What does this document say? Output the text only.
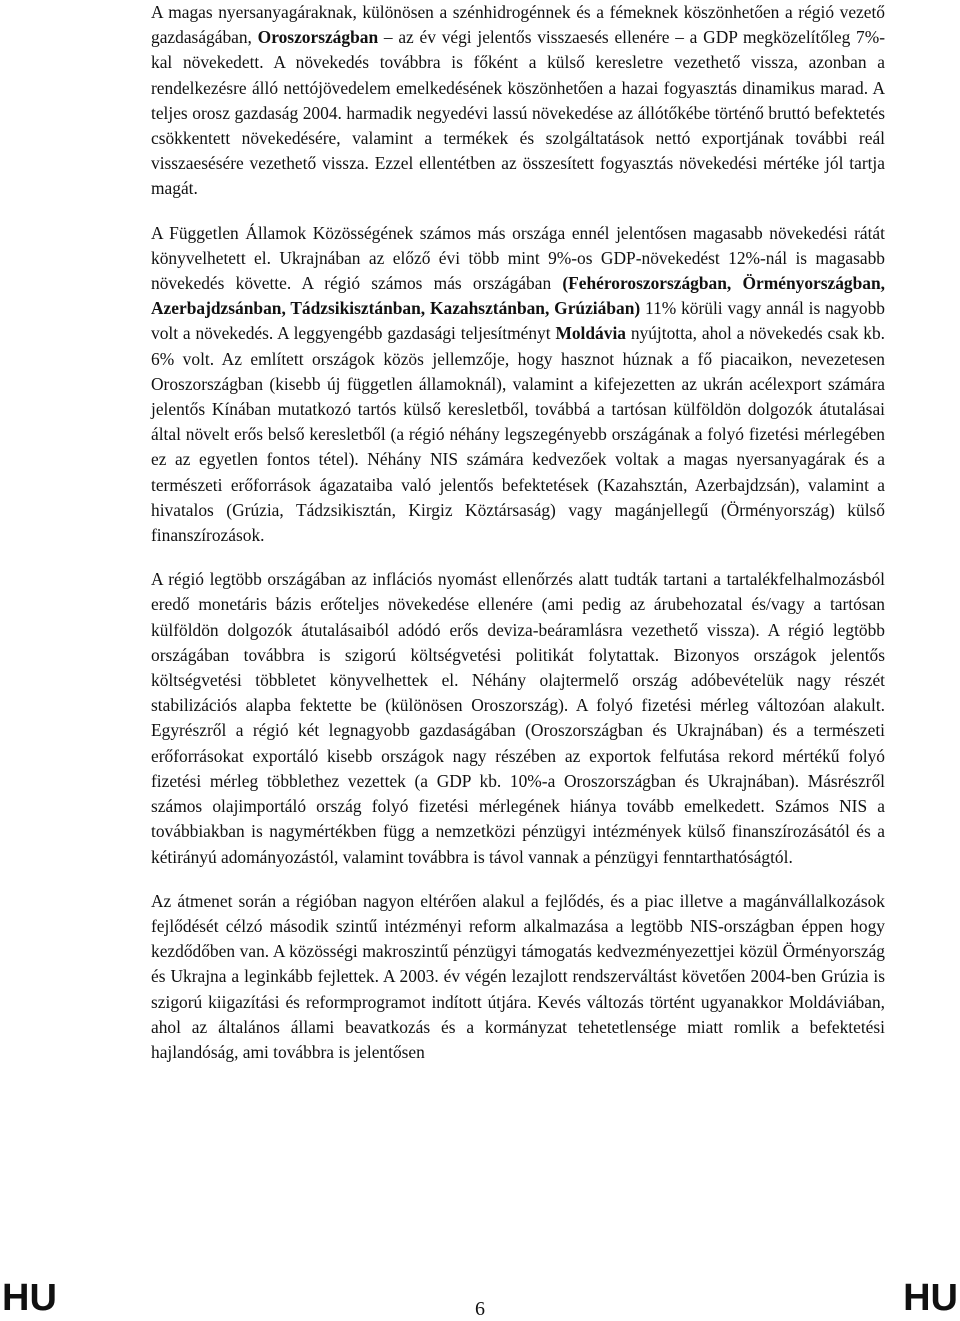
A magas nyersanyagáraknak, különösen a szénhidrogénnek és a fémeknek köszönhetően a régió vezető gazdaságában, Oroszországban – az év végi jelentős visszaesés ellenére – a GDP megközelítőleg 7%-kal növekedett. A növekedés továbbra is főként a külső keresletre vezethető vissza, azonban a rendelkezésre álló nettójövedelem emelkedésének köszönhetően a hazai fogyasztás dinamikus marad. A teljes orosz gazdaság 2004. harmadik negyedévi lassú növekedése az állótőkébe történő bruttó befektetés csökkentett növekedésére, valamint a termékek és szolgáltatások nettó exportjának további reál visszaesésére vezethető vissza. Ezzel ellentétben az összesített fogyasztás növekedési mértéke jól tartja magát.

A Független Államok Közösségének számos más országa ennél jelentősen magasabb növekedési rátát könyvelhetett el. Ukrajnában az előző évi több mint 9%-os GDP-növekedést 12%-nál is magasabb növekedés követte. A régió számos más országában (Fehéroroszországban, Örményországban, Azerbajdzsánban, Tádzsikisztánban, Kazahsztánban, Grúziában) 11% körüli vagy annál is nagyobb volt a növekedés. A leggyengébb gazdasági teljesítményt Moldávia nyújtotta, ahol a növekedés csak kb. 6% volt. Az említett országok közös jellemzője, hogy hasznot húznak a fő piacaikon, nevezetesen Oroszországban (kisebb új független államoknál), valamint a kifejezetten az ukrán acélexport számára jelentős Kínában mutatkozó tartós külső keresletből, továbbá a tartósan külföldön dolgozók átutalásai által növelt erős belső keresletből (a régió néhány legszegényebb országának a folyó fizetési mérlegében ez az egyetlen fontos tétel). Néhány NIS számára kedvezőek voltak a magas nyersanyagárak és a természeti erőforrások ágazataiba való jelentős befektetések (Kazahsztán, Azerbajdzsán), valamint a hivatalos (Grúzia, Tádzsikisztán, Kirgiz Köztársaság) vagy magánjellegű (Örményország) külső finanszírozások.

A régió legtöbb országában az inflációs nyomást ellenőrzés alatt tudták tartani a tartalékfelhalmozásból eredő monetáris bázis erőteljes növekedése ellenére (ami pedig az árubehozatal és/vagy a tartósan külföldön dolgozók átutalásaiból adódó erős deviza-beáramlásra vezethető vissza). A régió legtöbb országában továbbra is szigorú költségvetési politikát folytattak. Bizonyos országok jelentős költségvetési többletet könyvelhettek el. Néhány olajtermelő ország adóbevételük nagy részét stabilizációs alapba fektette be (különösen Oroszország). A folyó fizetési mérleg változóan alakult. Egyrészről a régió két legnagyobb gazdaságában (Oroszországban és Ukrajnában) és a természeti erőforrásokat exportáló kisebb országok nagy részében az exportok felfutása rekord mértékű folyó fizetési mérleg többlethez vezettek (a GDP kb. 10%-a Oroszországban és Ukrajnában). Másrészről számos olajimportáló ország folyó fizetési mérlegének hiánya tovább emelkedett. Számos NIS a továbbiakban is nagymértékben függ a nemzetközi pénzügyi intézmények külső finanszírozásától és a kétirányú adományozástól, valamint továbbra is távol vannak a pénzügyi fenntarthatóságtól.

Az átmenet során a régióban nagyon eltérően alakul a fejlődés, és a piac illetve a magánvállalkozások fejlődését célzó második szintű intézményi reform alkalmazása a legtöbb NIS-országban éppen hogy kezdődőben van. A közösségi makroszintű pénzügyi támogatás kedvezményezettjei közül Örményország és Ukrajna a leginkább fejlettek. A 2003. év végén lezajlott rendszerváltást követően 2004-ben Grúzia is szigorú kiigazítási és reformprogramot indított útjára. Kevés változás történt ugyanakkor Moldáviában, ahol az általános állami beavatkozás és a kormányzat tehetetlensége miatt romlik a befektetési hajlandóság, ami továbbra is jelentősen

HU	6	HU
